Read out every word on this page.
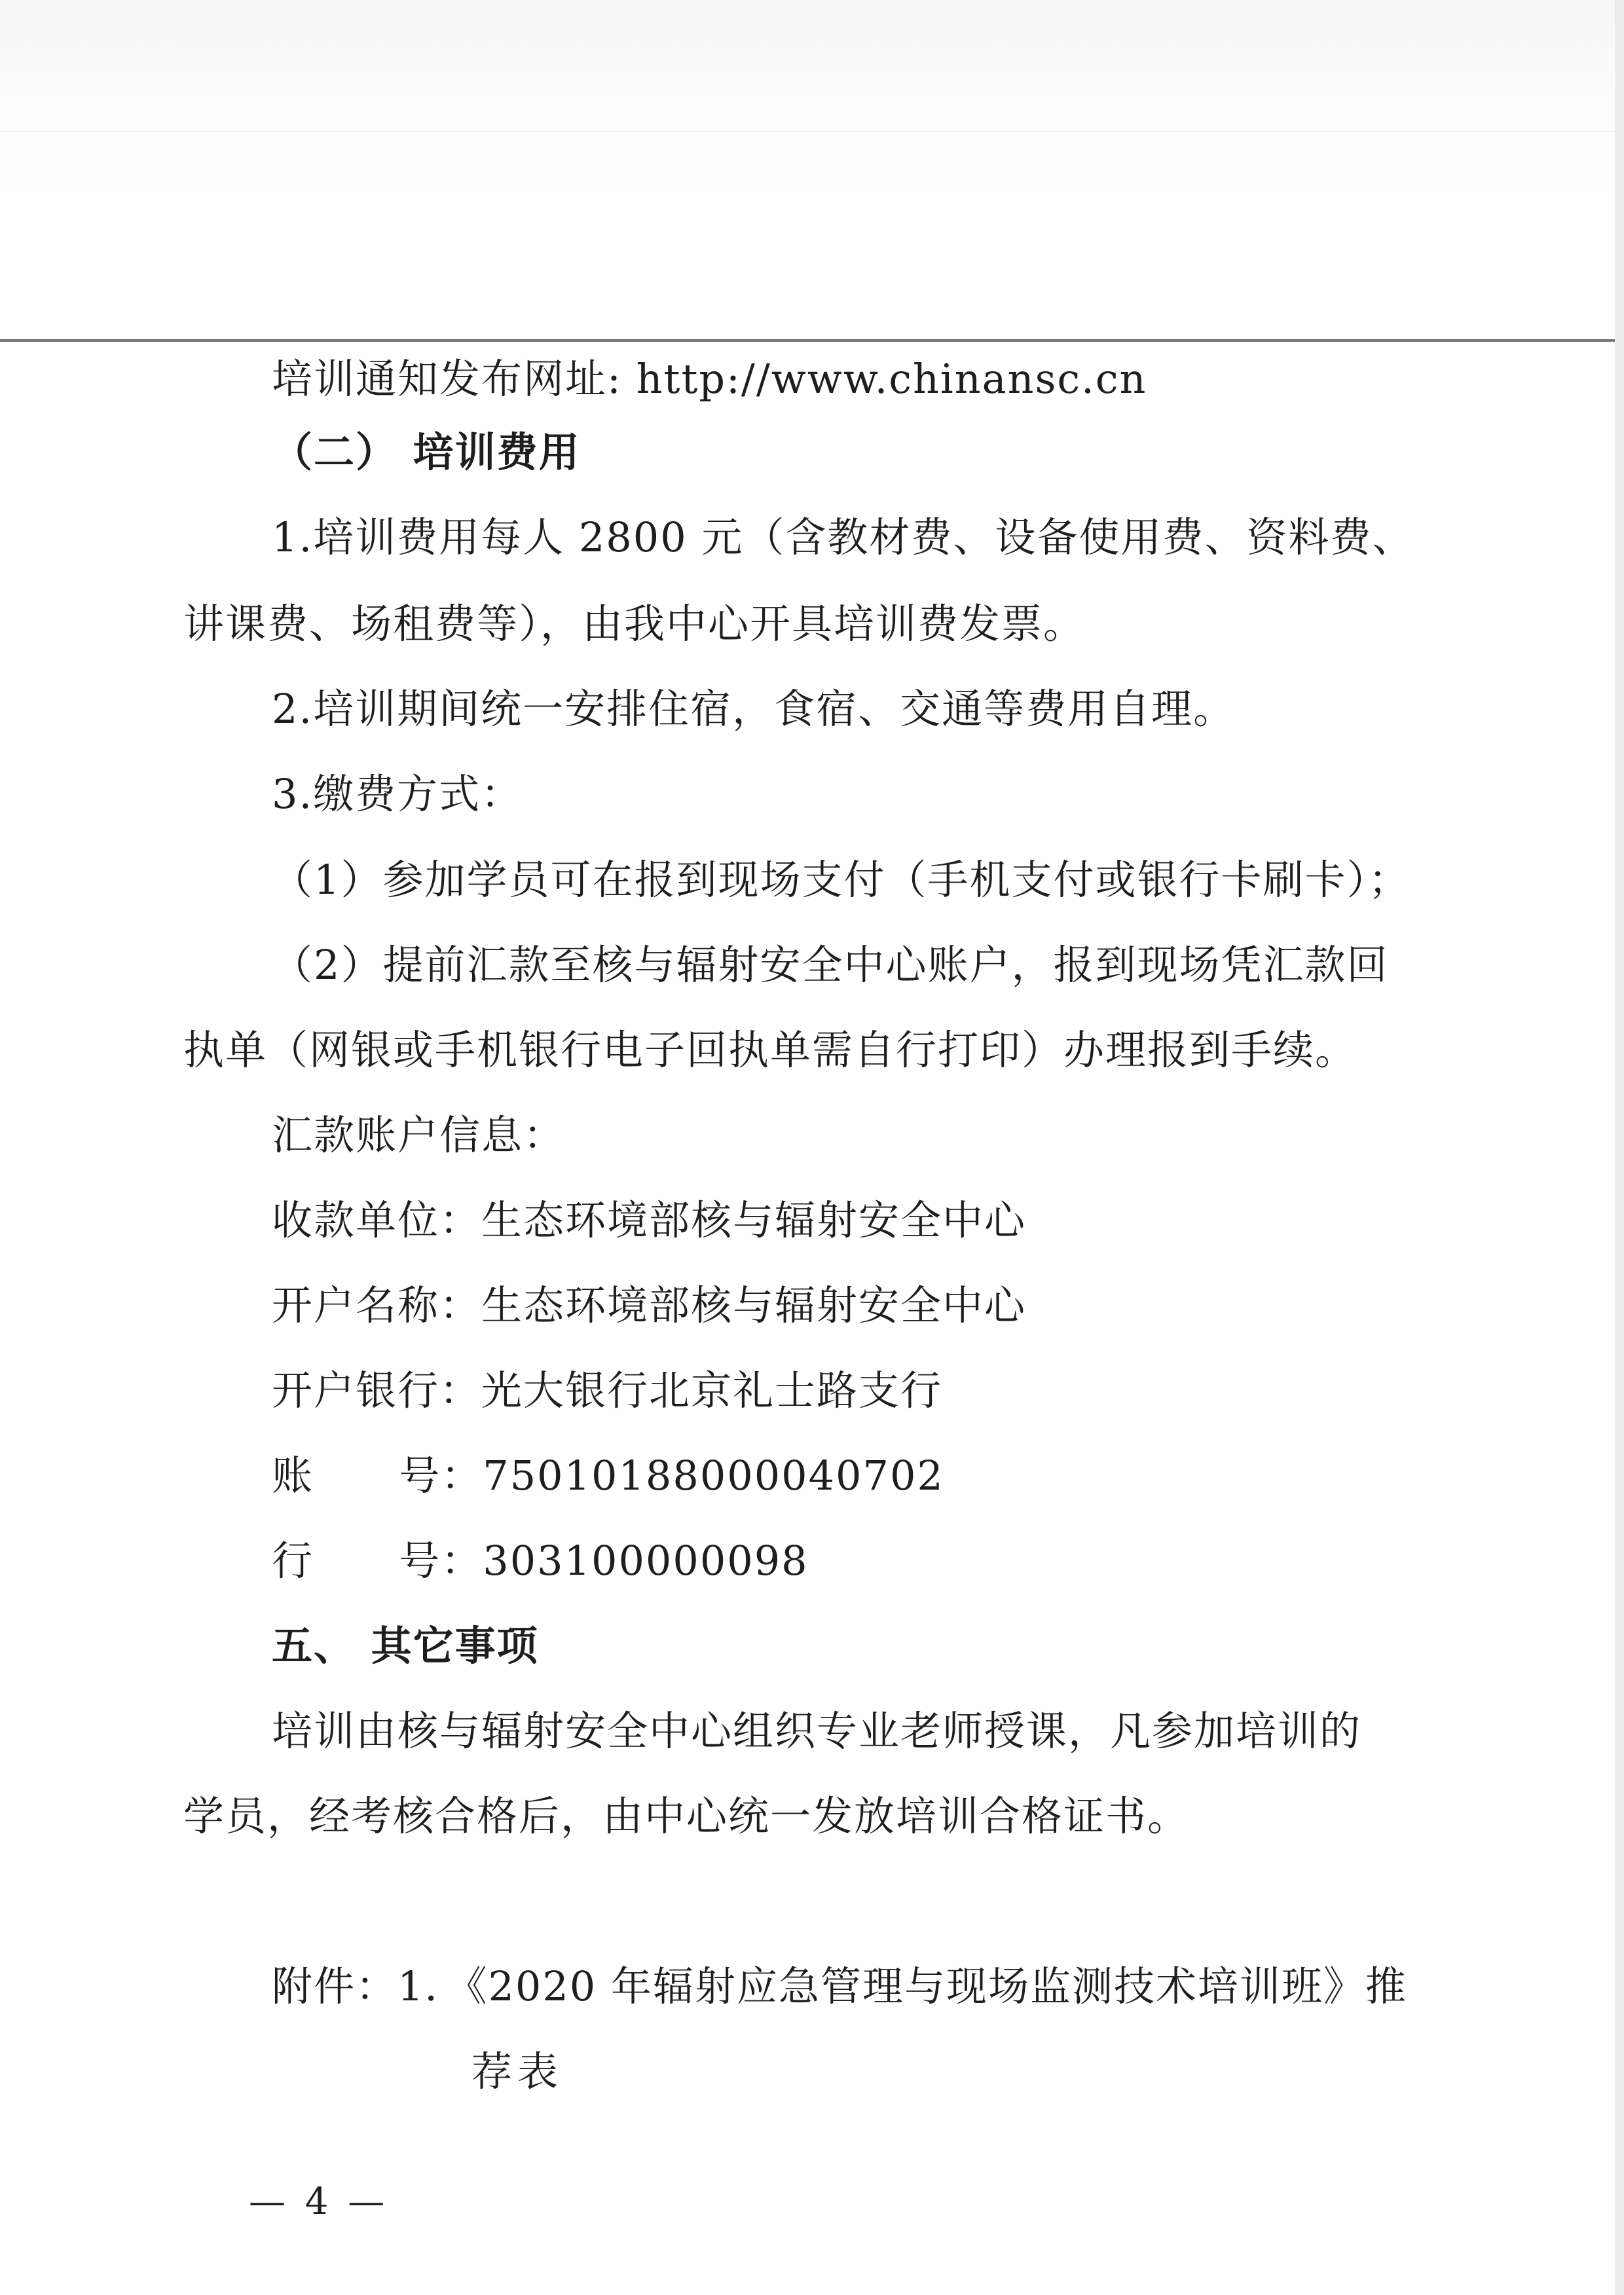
培训通知发布网址: http://www.chinansc.cn
（二） 培训费用
1.培训费用每人 2800 元（含教材费、设备使用费、资料费、
讲课费、场租费等），由我中心开具培训费发票。
2.培训期间统一安排住宿，食宿、交通等费用自理。
3.缴费方式：
（1）参加学员可在报到现场支付（手机支付或银行卡刷卡）；
（2）提前汇款至核与辐射安全中心账户，报到现场凭汇款回
执单（网银或手机银行电子回执单需自行打印）办理报到手续。
汇款账户信息：
收款单位：生态环境部核与辐射安全中心
开户名称：生态环境部核与辐射安全中心
开户银行：光大银行北京礼士路支行
账      号：75010188000040702
行      号：303100000098
五、 其它事项
培训由核与辐射安全中心组织专业老师授课，凡参加培训的
学员，经考核合格后，由中心统一发放培训合格证书。
附件：1．《2020 年辐射应急管理与现场监测技术培训班》推
荐表
— 4 —
